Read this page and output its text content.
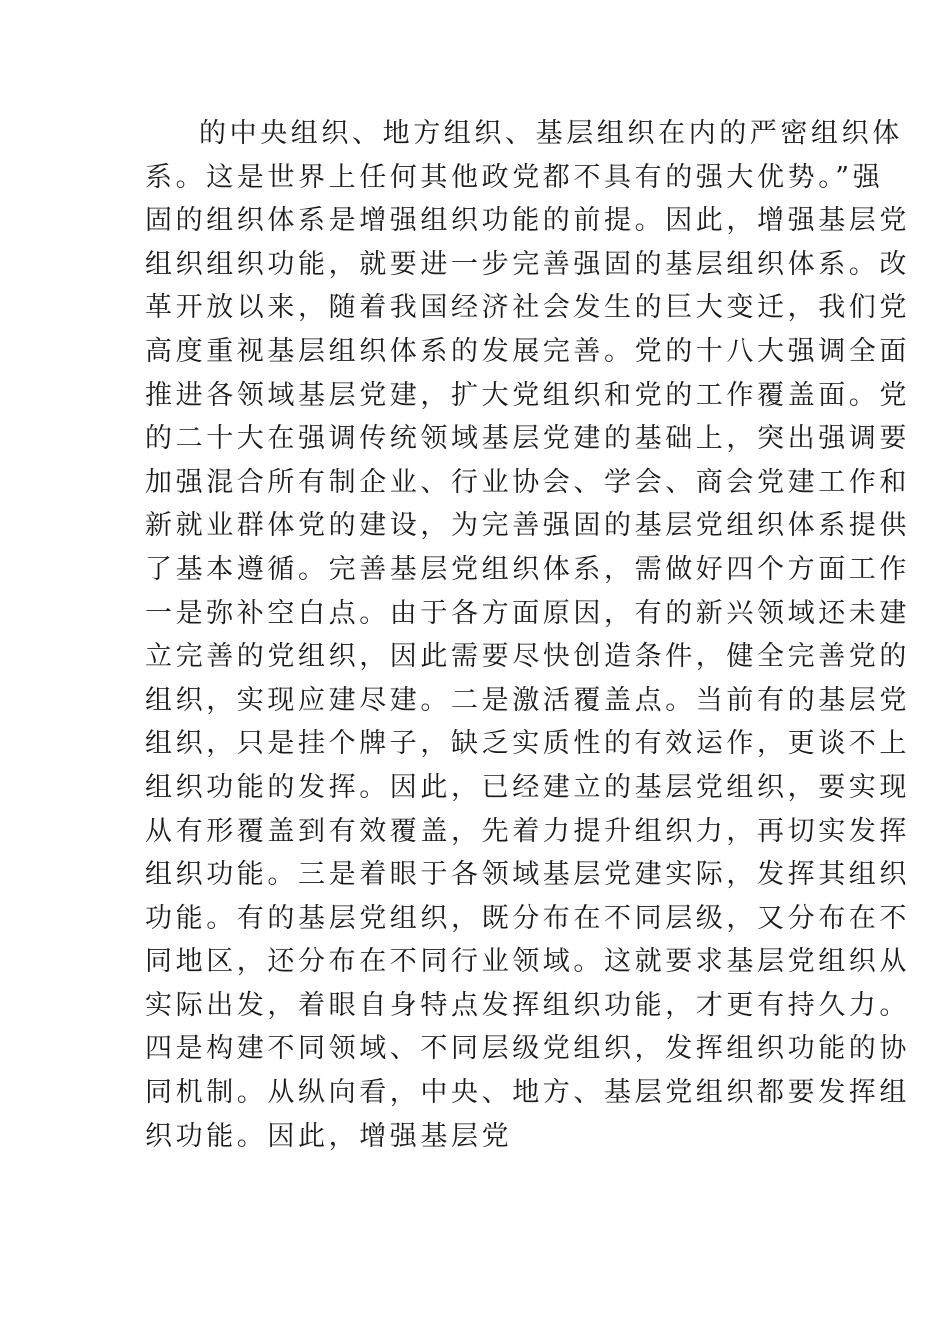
的中央组织、地方组织、基层组织在内的严密组织体
系。这是世界上任何其他政党都不具有的强大优势。”强
固的组织体系是增强组织功能的前提。因此，增强基层党
组织组织功能，就要进一步完善强固的基层组织体系。改
革开放以来，随着我国经济社会发生的巨大变迁，我们党
高度重视基层组织体系的发展完善。党的十八大强调全面
推进各领域基层党建，扩大党组织和党的工作覆盖面。党
的二十大在强调传统领域基层党建的基础上，突出强调要
加强混合所有制企业、行业协会、学会、商会党建工作和
新就业群体党的建设，为完善强固的基层党组织体系提供
了基本遵循。完善基层党组织体系，需做好四个方面工作
一是弥补空白点。由于各方面原因，有的新兴领域还未建
立完善的党组织，因此需要尽快创造条件，健全完善党的
组织，实现应建尽建。二是激活覆盖点。当前有的基层党
组织，只是挂个牌子，缺乏实质性的有效运作，更谈不上
组织功能的发挥。因此，已经建立的基层党组织，要实现
从有形覆盖到有效覆盖，先着力提升组织力，再切实发挥
组织功能。三是着眼于各领域基层党建实际，发挥其组织
功能。有的基层党组织，既分布在不同层级，又分布在不
同地区，还分布在不同行业领域。这就要求基层党组织从
实际出发，着眼自身特点发挥组织功能，才更有持久力。
四是构建不同领域、不同层级党组织，发挥组织功能的协
同机制。从纵向看，中央、地方、基层党组织都要发挥组
织功能。因此，增强基层党
